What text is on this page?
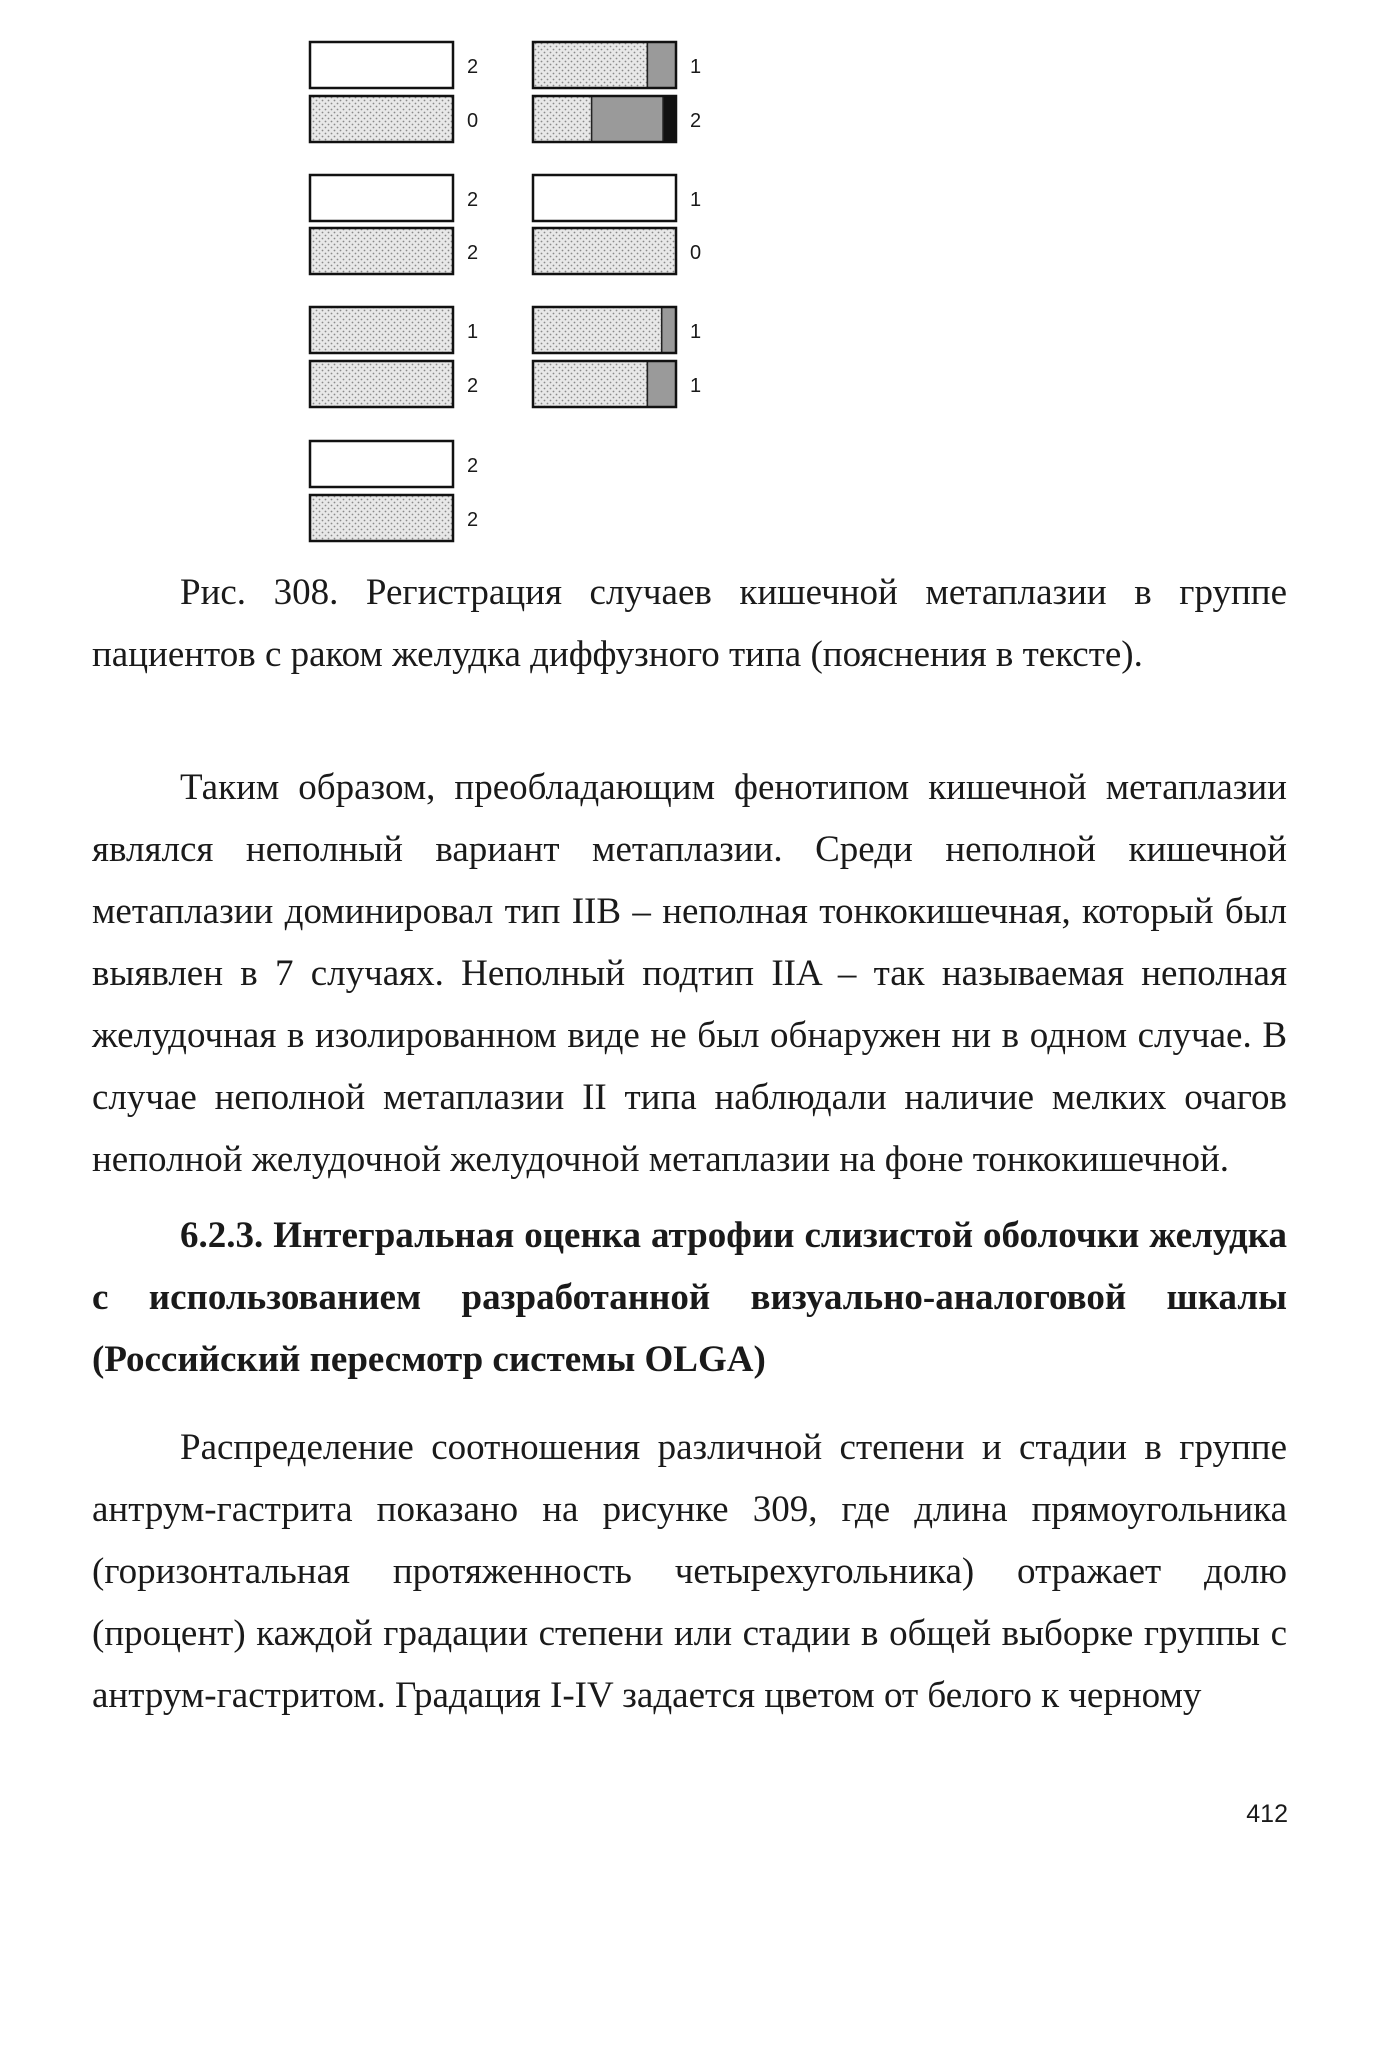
2
0
2
2
1
2
2
2
1
2
1
0
1
1

Рис. 308. Регистрация случаев кишечной метаплазии в группе пациентов с раком желудка диффузного типа (пояснения в тексте).

Таким образом, преобладающим фенотипом кишечной метаплазии являлся неполный вариант метаплазии. Среди неполной кишечной метаплазии доминировал тип IIB – неполная тонкокишечная, который был выявлен в 7 случаях. Неполный подтип IIA – так называемая неполная желудочная в изолированном виде не был обнаружен ни в одном случае. В случае неполной метаплазии II типа наблюдали наличие мелких очагов неполной желудочной желудочной метаплазии на фоне тонкокишечной.

6.2.3. Интегральная оценка атрофии слизистой оболочки желудка с использованием разработанной визуально-аналоговой шкалы (Российский пересмотр системы OLGA)

Распределение соотношения различной степени и стадии в группе антрум-гастрита показано на рисунке 309, где длина прямоугольника (горизонтальная протяженность четырехугольника) отражает долю (процент) каждой градации степени или стадии в общей выборке группы с антрум-гастритом. Градация I-IV задается цветом от белого к черному

412
